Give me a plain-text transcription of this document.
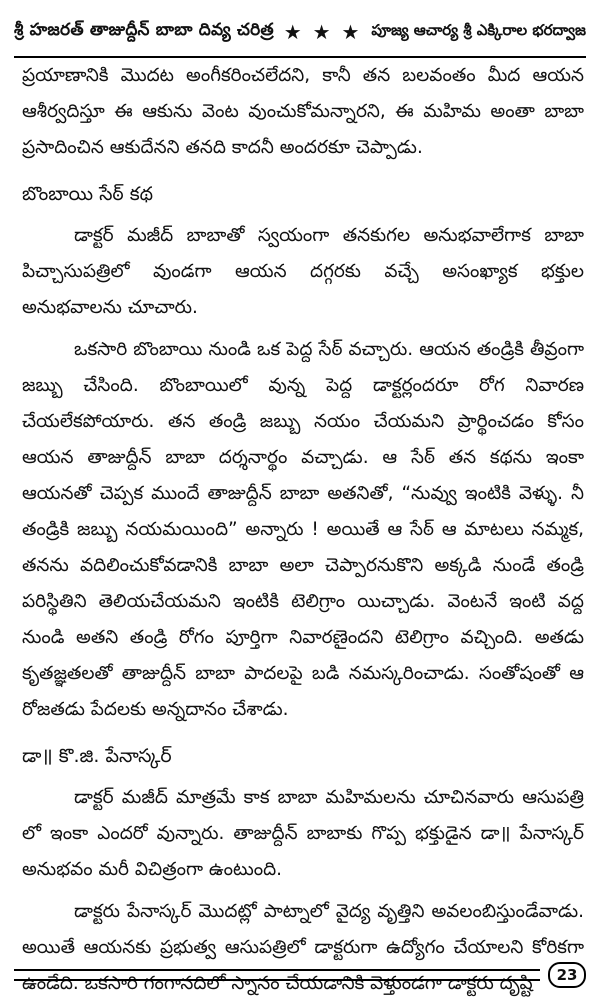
శ్రీ హజరత్ తాజుద్దీన్ బాబా దివ్య చరిత్ర ★ ★ ★ పూజ్య ఆచార్య శ్రీ ఎక్కిరాల భరద్వాజ

ప్రయాణానికి మొదట అంగీకరించలేదని, కానీ తన బలవంతం మీద ఆయన ఆశీర్వదిస్తూ ఈ ఆకును వెంట వుంచుకోమన్నారని, ఈ మహిమ అంతా బాబా ప్రసాదించిన ఆకుదేనని తనది కాదనీ అందరకూ చెప్పాడు.

బొంబాయి సేఠ్ కథ

డాక్టర్ మజీద్ బాబాతో స్వయంగా తనకుగల అనుభవాలేగాక బాబా పిచ్చాసుపత్రిలో వుండగా ఆయన దగ్గరకు వచ్చే అసంఖ్యాక భక్తుల అనుభవాలను చూచారు.

ఒకసారి బొంబాయి నుండి ఒక పెద్ద సేఠ్ వచ్చారు. ఆయన తండ్రికి తీవ్రంగా జబ్బు చేసింది. బొంబాయిలో వున్న పెద్ద డాక్టర్లందరూ రోగ నివారణ చేయలేకపోయారు. తన తండ్రి జబ్బు నయం చేయమని ప్రార్థించడం కోసం ఆయన తాజుద్దీన్ బాబా దర్శనార్థం వచ్చాడు. ఆ సేఠ్ తన కథను ఇంకా ఆయనతో చెప్పక ముందే తాజుద్దీన్ బాబా అతనితో, “నువ్వు ఇంటికి వెళ్ళు. నీ తండ్రికి జబ్బు నయమయింది” అన్నారు ! అయితే ఆ సేఠ్ ఆ మాటలు నమ్మక, తనను వదిలించుకోవడానికి బాబా అలా చెప్పారనుకొని అక్కడి నుండే తండ్రి పరిస్థితిని తెలియచేయమని ఇంటికి టెలిగ్రాం యిచ్చాడు. వెంటనే ఇంటి వద్ద నుండి అతని తండ్రి రోగం పూర్తిగా నివారణైందని టెలిగ్రాం వచ్చింది. అతడు కృతజ్ఞతలతో తాజుద్దీన్ బాబా పాదలపై బడి నమస్కరించాడు. సంతోషంతో ఆ రోజతడు పేదలకు అన్నదానం చేశాడు.

డా॥ కొ.జి. పేనాస్కర్

డాక్టర్ మజీద్ మాత్రమే కాక బాబా మహిమలను చూచినవారు ఆసుపత్రి లో ఇంకా ఎందరో వున్నారు. తాజుద్దీన్ బాబాకు గొప్ప భక్తుడైన డా॥ పేనాస్కర్ అనుభవం మరీ విచిత్రంగా ఉంటుంది.

డాక్టరు పేనాస్కర్ మొదట్లో పాట్నాలో వైద్య వృత్తిని అవలంబిస్తుండేవాడు. అయితే ఆయనకు ప్రభుత్వ ఆసుపత్రిలో డాక్టరుగా ఉద్యోగం చేయాలని కోరికగా ఉండేది. ఒకసారి గంగానదిలో స్నానం చేయడానికి వెళ్తుండగా డాక్టరు దృష్టి	23
